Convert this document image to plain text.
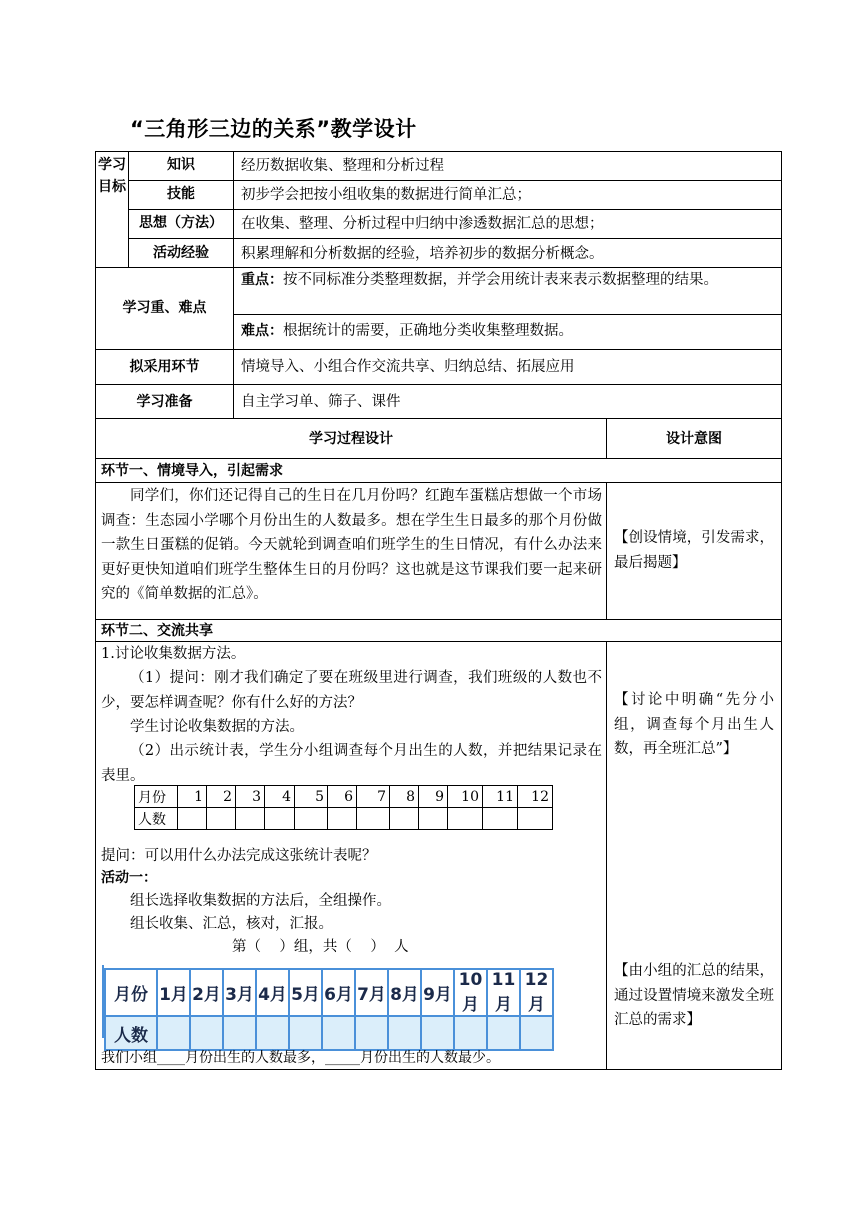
“三角形三边的关系”教学设计
学习目标
知识	经历数据收集、整理和分析过程
技能	初步学会把按小组收集的数据进行简单汇总；
思想（方法）	在收集、整理、分析过程中归纳中渗透数据汇总的思想；
活动经验	积累理解和分析数据的经验，培养初步的数据分析概念。
学习重、难点
重点：按不同标准分类整理数据，并学会用统计表来表示数据整理的结果。
难点：根据统计的需要，正确地分类收集整理数据。
拟采用环节	情境导入、小组合作交流共享、归纳总结、拓展应用
学习准备	自主学习单、筛子、课件
学习过程设计	设计意图
环节一、情境导入，引起需求
同学们，你们还记得自己的生日在几月份吗？红跑车蛋糕店想做一个市场调查：生态园小学哪个月份出生的人数最多。想在学生生日最多的那个月份做一款生日蛋糕的促销。今天就轮到调查咱们班学生的生日情况，有什么办法来更好更快知道咱们班学生整体生日的月份吗？这也就是这节课我们要一起来研究的《简单数据的汇总》。
【创设情境，引发需求，最后揭题】
环节二、交流共享
1.讨论收集数据方法。
（1）提问：刚才我们确定了要在班级里进行调查，我们班级的人数也不少，要怎样调查呢？你有什么好的方法？
学生讨论收集数据的方法。
（2）出示统计表，学生分小组调查每个月出生的人数，并把结果记录在表里。
月份	1	2	3	4	5	6	7	8	9	10	11	12
人数												
提问：可以用什么办法完成这张统计表呢？
活动一：
组长选择收集数据的方法后，全组操作。
组长收集、汇总，核对，汇报。
第（    ）组，共（    ）  人
月份	1月	2月	3月	4月	5月	6月	7月	8月	9月	10月	11月	12月
人数												
我们小组____月份出生的人数最多，_____月份出生的人数最少。
【讨论中明确“先分小组，调查每个月出生人数，再全班汇总”】
【由小组的汇总的结果，通过设置情境来激发全班汇总的需求】
